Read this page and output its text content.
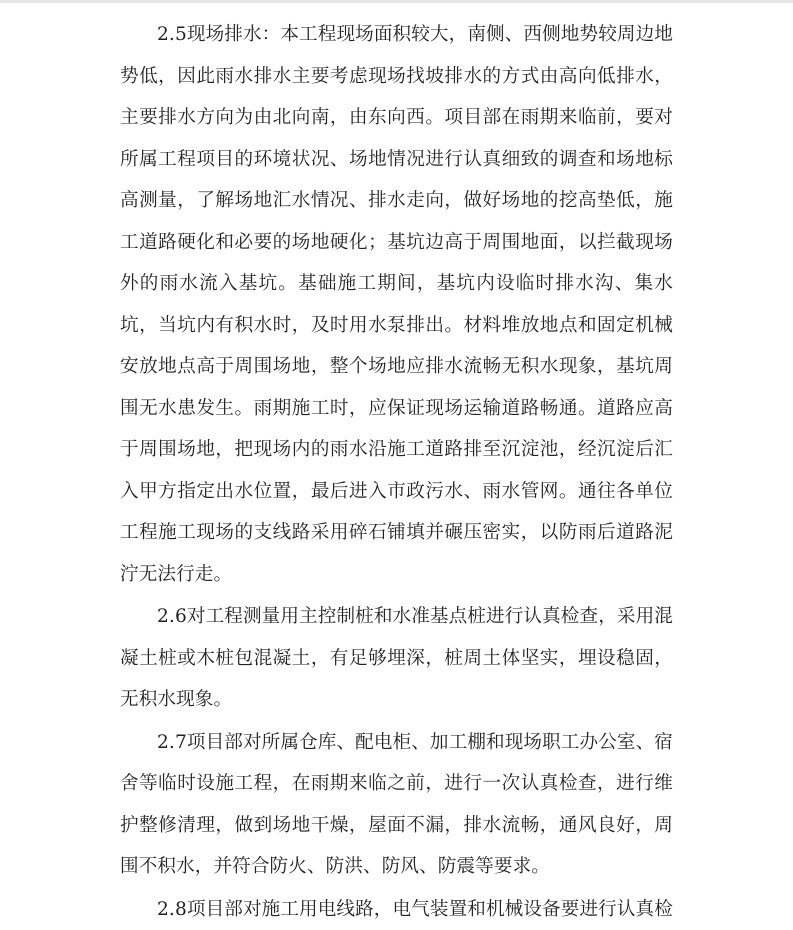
2.5现场排水：本工程现场面积较大，南侧、西侧地势较周边地势低，因此雨水排水主要考虑现场找坡排水的方式由高向低排水，主要排水方向为由北向南，由东向西。项目部在雨期来临前，要对所属工程项目的环境状况、场地情况进行认真细致的调查和场地标高测量，了解场地汇水情况、排水走向，做好场地的挖高垫低，施工道路硬化和必要的场地硬化；基坑边高于周围地面，以拦截现场外的雨水流入基坑。基础施工期间，基坑内设临时排水沟、集水坑，当坑内有积水时，及时用水泵排出。材料堆放地点和固定机械安放地点高于周围场地，整个场地应排水流畅无积水现象，基坑周围无水患发生。雨期施工时，应保证现场运输道路畅通。道路应高于周围场地，把现场内的雨水沿施工道路排至沉淀池，经沉淀后汇入甲方指定出水位置，最后进入市政污水、雨水管网。通往各单位工程施工现场的支线路采用碎石铺填并碾压密实，以防雨后道路泥泞无法行走。

2.6对工程测量用主控制桩和水准基点桩进行认真检查，采用混凝土桩或木桩包混凝土，有足够埋深，桩周土体坚实，埋设稳固，无积水现象。

2.7项目部对所属仓库、配电柜、加工棚和现场职工办公室、宿舍等临时设施工程，在雨期来临之前，进行一次认真检查，进行维护整修清理，做到场地干燥，屋面不漏，排水流畅，通风良好，周围不积水，并符合防火、防洪、防风、防震等要求。

2.8项目部对施工用电线路，电气装置和机械设备要进行认真检
